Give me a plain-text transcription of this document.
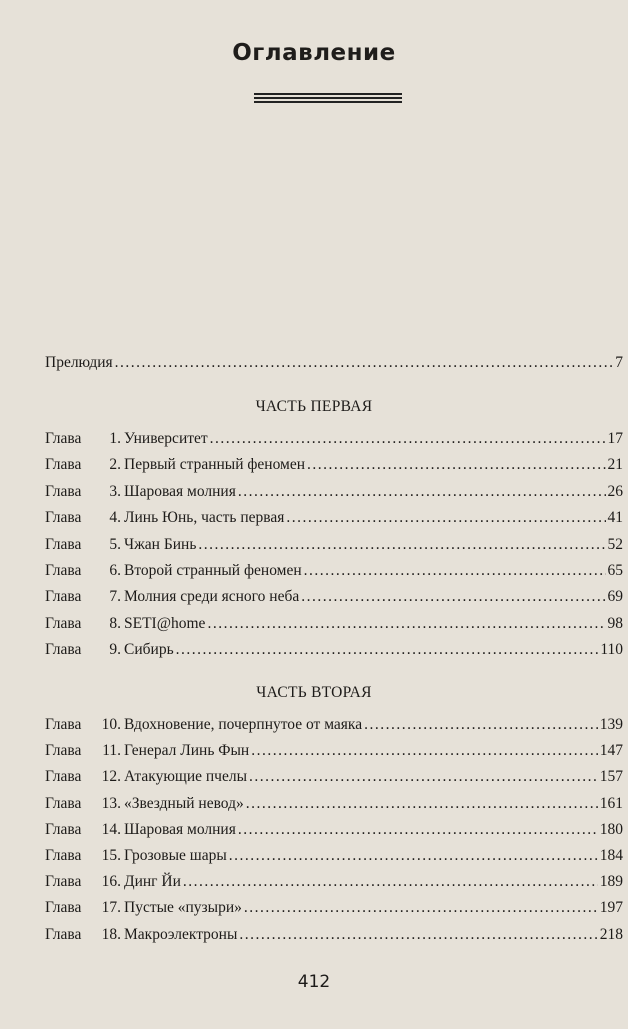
Оглавление
Прелюдия .....	7
ЧАСТЬ ПЕРВАЯ
Глава 1. Университет .....	17
Глава 2. Первый странный феномен .....	21
Глава 3. Шаровая молния .....	26
Глава 4. Линь Юнь, часть первая .....	41
Глава 5. Чжан Бинь .....	52
Глава 6. Второй странный феномен .....	65
Глава 7. Молния среди ясного неба .....	69
Глава 8. SETI@home .....	98
Глава 9. Сибирь .....	110
ЧАСТЬ ВТОРАЯ
Глава 10. Вдохновение, почерпнутое от маяка .....	139
Глава 11. Генерал Линь Фын .....	147
Глава 12. Атакующие пчелы .....	157
Глава 13. «Звездный невод» .....	161
Глава 14. Шаровая молния .....	180
Глава 15. Грозовые шары .....	184
Глава 16. Динг Йи .....	189
Глава 17. Пустые «пузыри» .....	197
Глава 18. Макроэлектроны .....	218
412
